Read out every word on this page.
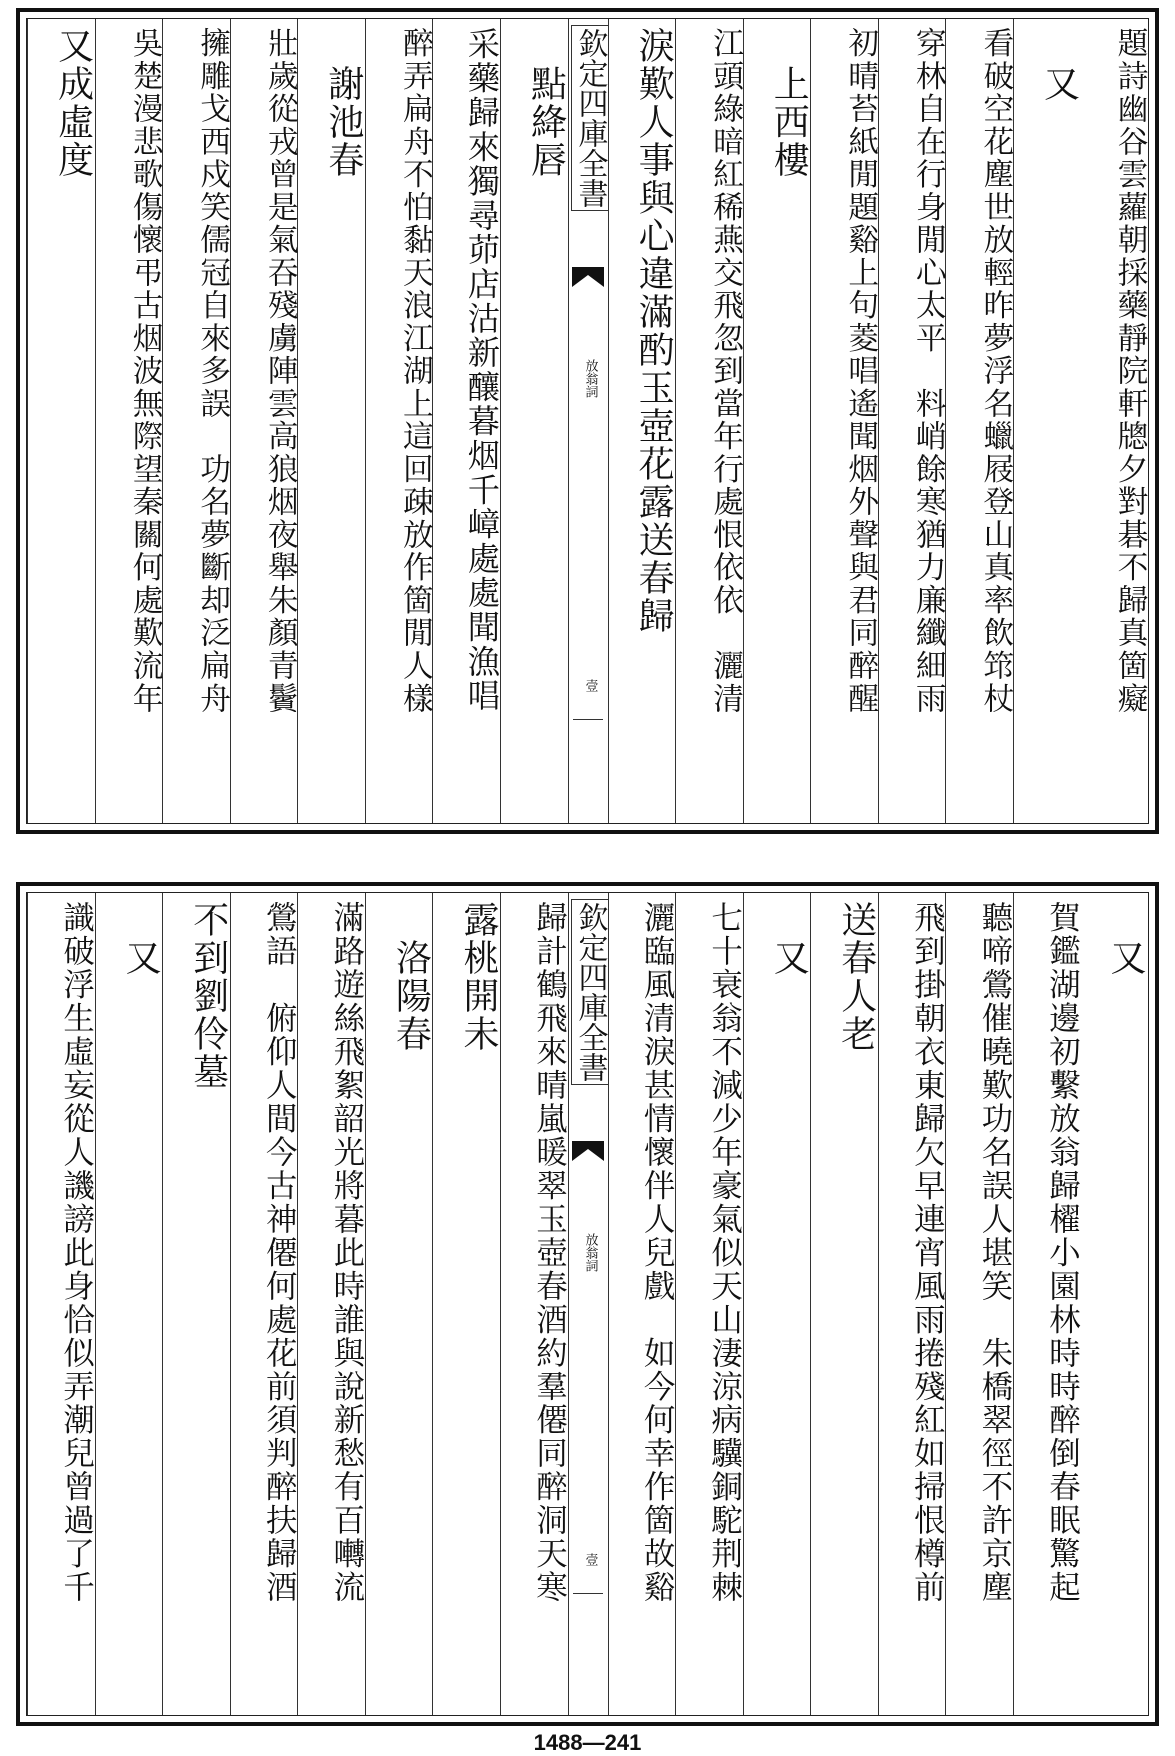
題詩幽谷雲蘿朝採藥靜院軒牕夕對碁不歸真箇癡
　又
看破空花塵世放輕昨夢浮名蠟屐登山真率飲筇杖
穿林自在行身閒心太平　料峭餘寒猶力廉纖細雨
初晴苔紙閒題谿上句菱唱遙聞烟外聲與君同醉醒
　上西樓
江頭綠暗紅稀燕交飛忽到當年行處恨依依　灑清
淚歎人事與心違滿酌玉壺花露送春歸
欽定四庫全書
放翁詞
壹
　點絳唇
采藥歸來獨尋茆店沽新釀暮烟千嶂處處聞漁唱
醉弄扁舟不怕黏天浪江湖上這回疎放作箇閒人樣
　謝池春
壯歲從戎曾是氣吞殘虜陣雲高狼烟夜舉朱顏青鬢
擁雕戈西戍笑儒冠自來多誤　功名夢斷却泛扁舟
吳楚漫悲歌傷懷弔古烟波無際望秦關何處歎流年
又成虛度
　又
賀鑑湖邊初繫放翁歸櫂小園林時時醉倒春眠驚起
聽啼鶯催曉歎功名誤人堪笑　朱橋翠徑不許京塵
飛到掛朝衣東歸欠早連宵風雨捲殘紅如掃恨樽前
送春人老
　又
七十衰翁不減少年豪氣似天山淒涼病驥銅駝荆棘
灑臨風清淚甚情懷伴人兒戲　如今何幸作箇故谿
欽定四庫全書
放翁詞
壹
歸計鶴飛來晴嵐暖翠玉壺春酒約羣僊同醉洞天寒
露桃開未
　洛陽春
滿路遊絲飛絮韶光將暮此時誰與說新愁有百囀流
鶯語　俯仰人間今古神僊何處花前須判醉扶歸酒
不到劉伶墓
　又
識破浮生虛妄從人譏謗此身恰似弄潮兒曾過了千
1488—241
